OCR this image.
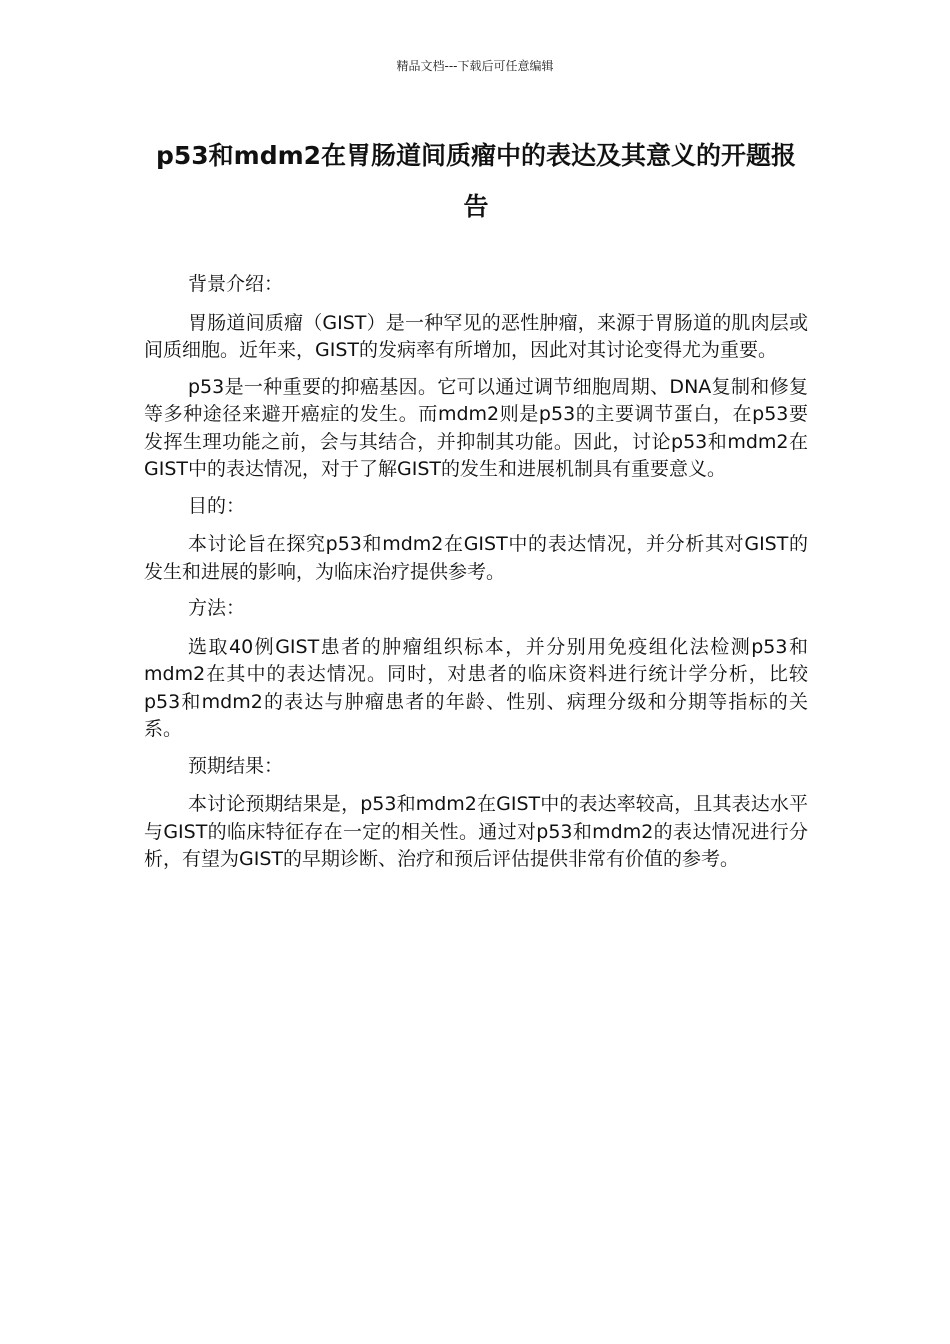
精品文档---下载后可任意编辑
p53和mdm2在胃肠道间质瘤中的表达及其意义的开题报告

背景介绍：

胃肠道间质瘤（GIST）是一种罕见的恶性肿瘤，来源于胃肠道的肌肉层或间质细胞。近年来，GIST的发病率有所增加，因此对其讨论变得尤为重要。

p53是一种重要的抑癌基因。它可以通过调节细胞周期、DNA复制和修复等多种途径来避开癌症的发生。而mdm2则是p53的主要调节蛋白，在p53要发挥生理功能之前，会与其结合，并抑制其功能。因此，讨论p53和mdm2在GIST中的表达情况，对于了解GIST的发生和进展机制具有重要意义。

目的：

本讨论旨在探究p53和mdm2在GIST中的表达情况，并分析其对GIST的发生和进展的影响，为临床治疗提供参考。

方法：

选取40例GIST患者的肿瘤组织标本，并分别用免疫组化法检测p53和mdm2在其中的表达情况。同时，对患者的临床资料进行统计学分析，比较p53和mdm2的表达与肿瘤患者的年龄、性别、病理分级和分期等指标的关系。

预期结果：

本讨论预期结果是，p53和mdm2在GIST中的表达率较高，且其表达水平与GIST的临床特征存在一定的相关性。通过对p53和mdm2的表达情况进行分析，有望为GIST的早期诊断、治疗和预后评估提供非常有价值的参考。
